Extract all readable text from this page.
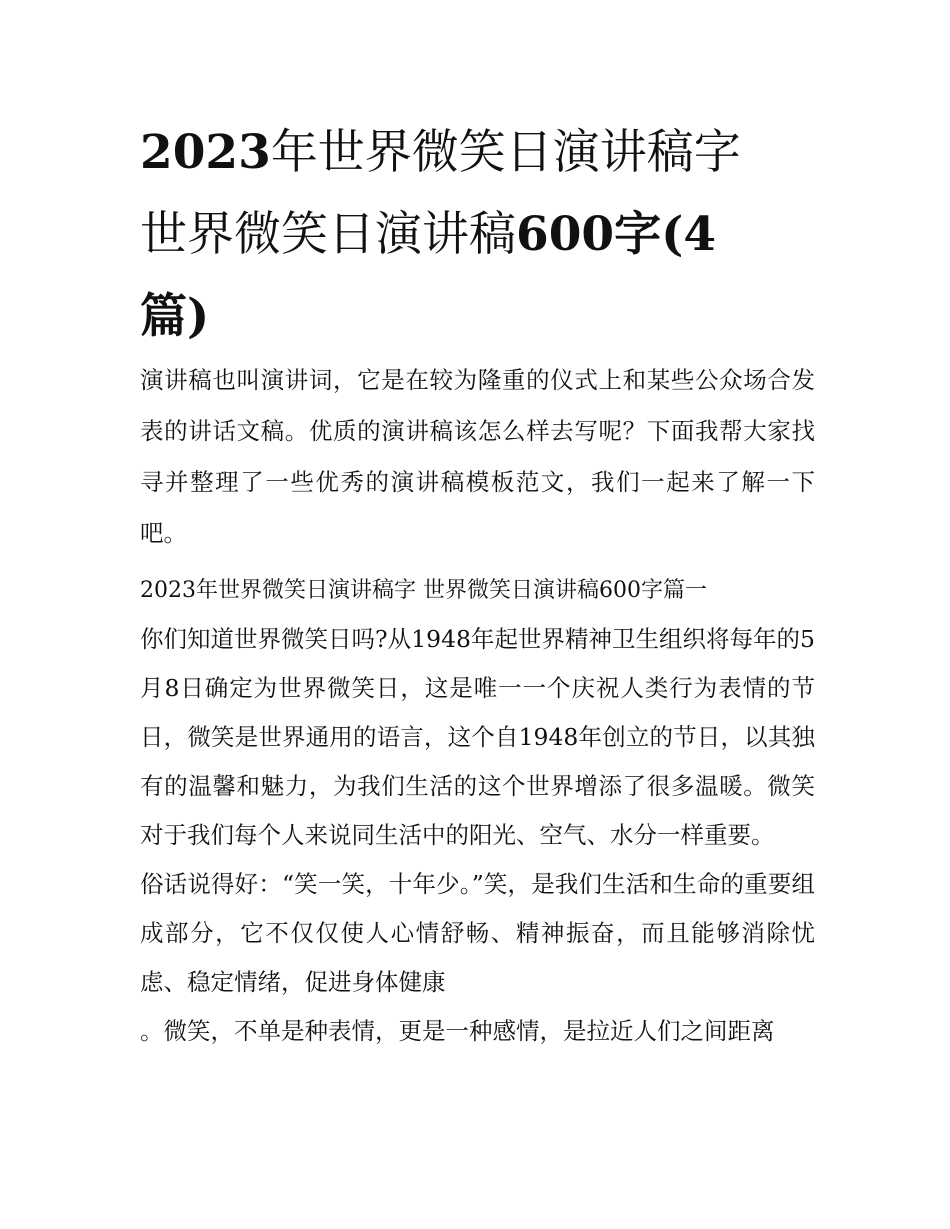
2023年世界微笑日演讲稿字
世界微笑日演讲稿600字(4
篇)

演讲稿也叫演讲词，它是在较为隆重的仪式上和某些公众场合发表的讲话文稿。优质的演讲稿该怎么样去写呢？下面我帮大家找寻并整理了一些优秀的演讲稿模板范文，我们一起来了解一下吧。

2023年世界微笑日演讲稿字 世界微笑日演讲稿600字篇一

你们知道世界微笑日吗?从1948年起世界精神卫生组织将每年的5月8日确定为世界微笑日，这是唯一一个庆祝人类行为表情的节日，微笑是世界通用的语言，这个自1948年创立的节日，以其独有的温馨和魅力，为我们生活的这个世界增添了很多温暖。微笑对于我们每个人来说同生活中的阳光、空气、水分一样重要。

俗话说得好：“笑一笑，十年少。”笑，是我们生活和生命的重要组成部分，它不仅仅使人心情舒畅、精神振奋，而且能够消除忧虑、稳定情绪，促进身体健康

。微笑，不单是种表情，更是一种感情，是拉近人们之间距离
